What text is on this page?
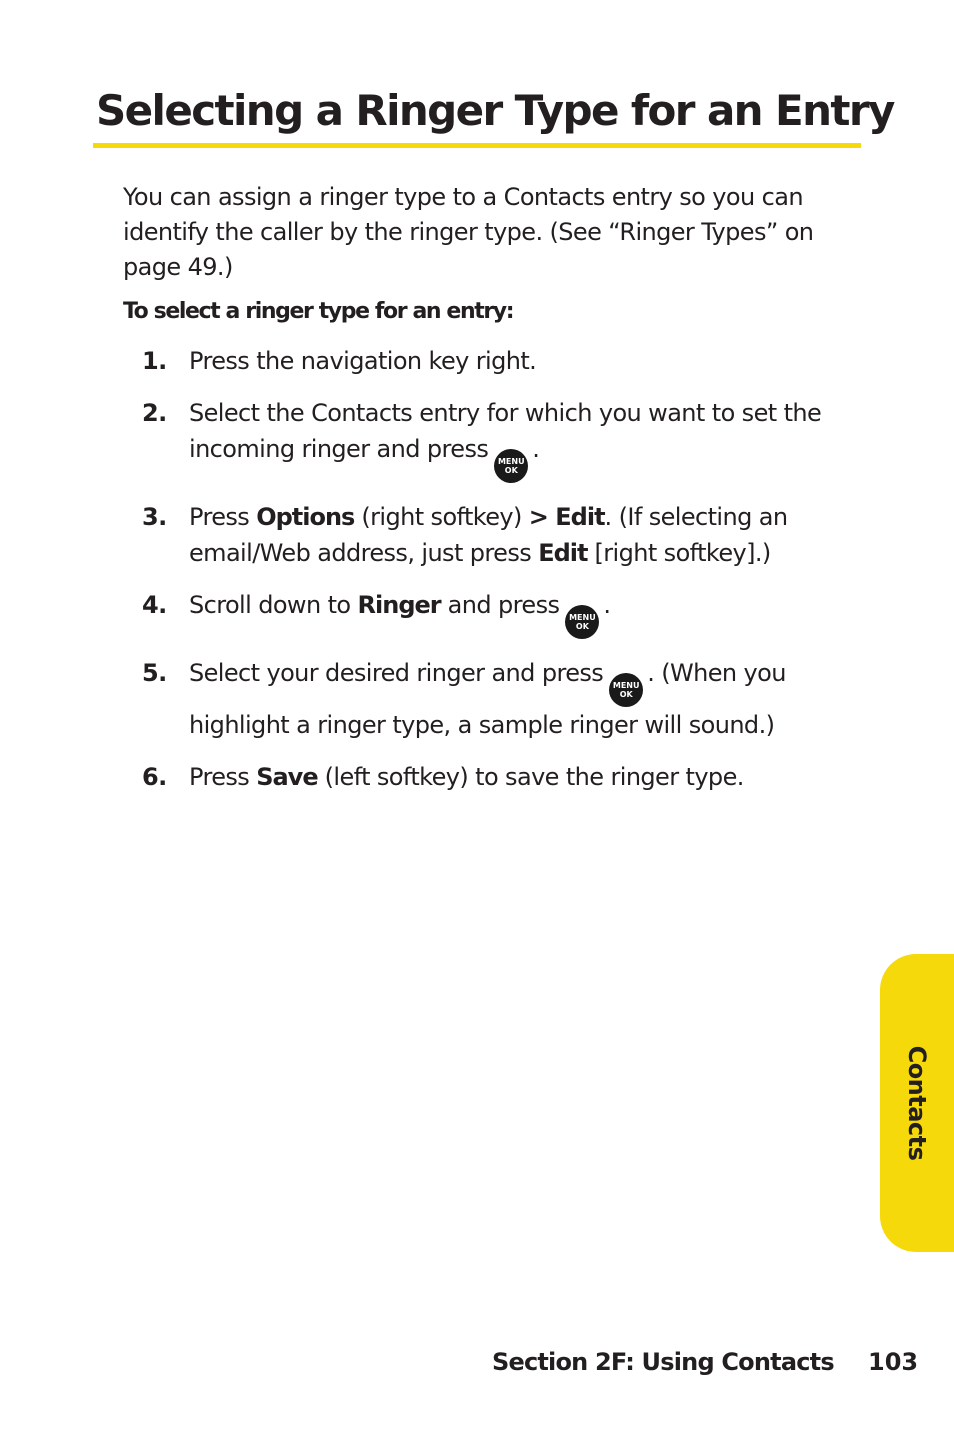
Selecting a Ringer Type for an Entry

You can assign a ringer type to a Contacts entry so you can identify the caller by the ringer type. (See “Ringer Types” on page 49.)

To select a ringer type for an entry:

1. Press the navigation key right.
2. Select the Contacts entry for which you want to set the incoming ringer and press MENU
OK
.
3. Press Options (right softkey) > Edit. (If selecting an email/Web address, just press Edit [right softkey].)
4. Scroll down to Ringer and press MENU
OK
.
5. Select your desired ringer and press MENU
OK
. (When you highlight a ringer type, a sample ringer will sound.)
6. Press Save (left softkey) to save the ringer type.
Contacts
Section 2F: Using Contacts 103
